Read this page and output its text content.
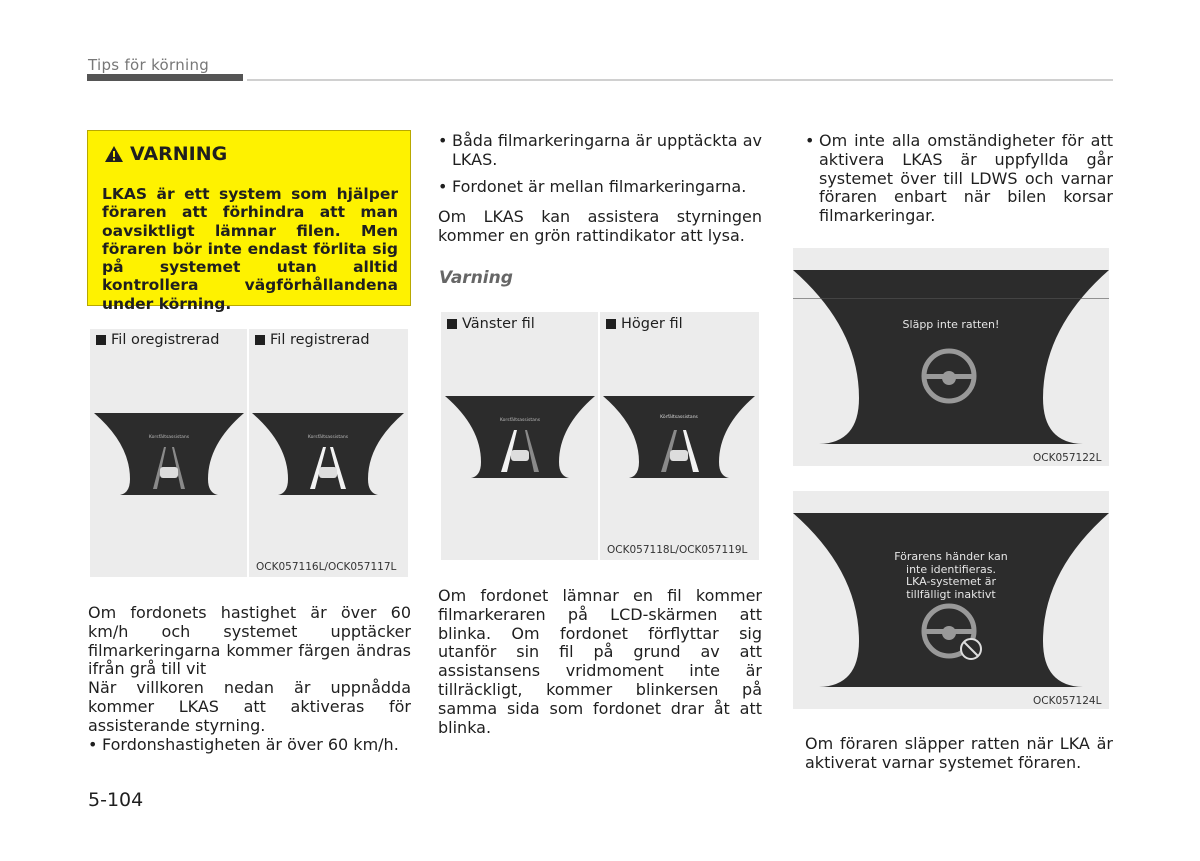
Tips för körning
VARNING
LKAS är ett system som hjälper föraren att förhindra att man oavsiktligt lämnar filen. Men föraren bör inte endast förlita sig på systemet utan alltid kontrollera vägförhållandena under körning.
Fil oregistrerad	Fil registrerad
Korsfältsassistans	Korsfältsassistans
OCK057116L/OCK057117L
Om fordonets hastighet är över 60 km/h och systemet upptäcker filmarkeringarna kommer färgen ändras ifrån grå till vit
När villkoren nedan är uppnådda kommer LKAS att aktiveras för assisterande styrning.
• Fordonshastigheten är över 60 km/h.
• Båda filmarkeringarna är upptäckta av LKAS.
• Fordonet är mellan filmarkeringarna.
Om LKAS kan assistera styrningen kommer en grön rattindikator att lysa.
Varning
Vänster fil	Höger fil
Korsfältsassistans
Körfältsassistans
OCK057118L/OCK057119L
Om fordonet lämnar en fil kommer filmarkeraren på LCD-skärmen att blinka. Om fordonet förflyttar sig utanför sin fil på grund av att assistansens vridmoment inte är tillräckligt, kommer blinkersen på samma sida som fordonet drar åt att blinka.
• Om inte alla omständigheter för att aktivera LKAS är uppfyllda går systemet över till LDWS och varnar föraren enbart när bilen korsar filmarkeringar.
Släpp inte ratten!
OCK057122L
Förarens händer kan
inte identifieras.
LKA-systemet är
tillfälligt inaktivt
OCK057124L
Om föraren släpper ratten när LKA är aktiverat varnar systemet föraren.
5-104
